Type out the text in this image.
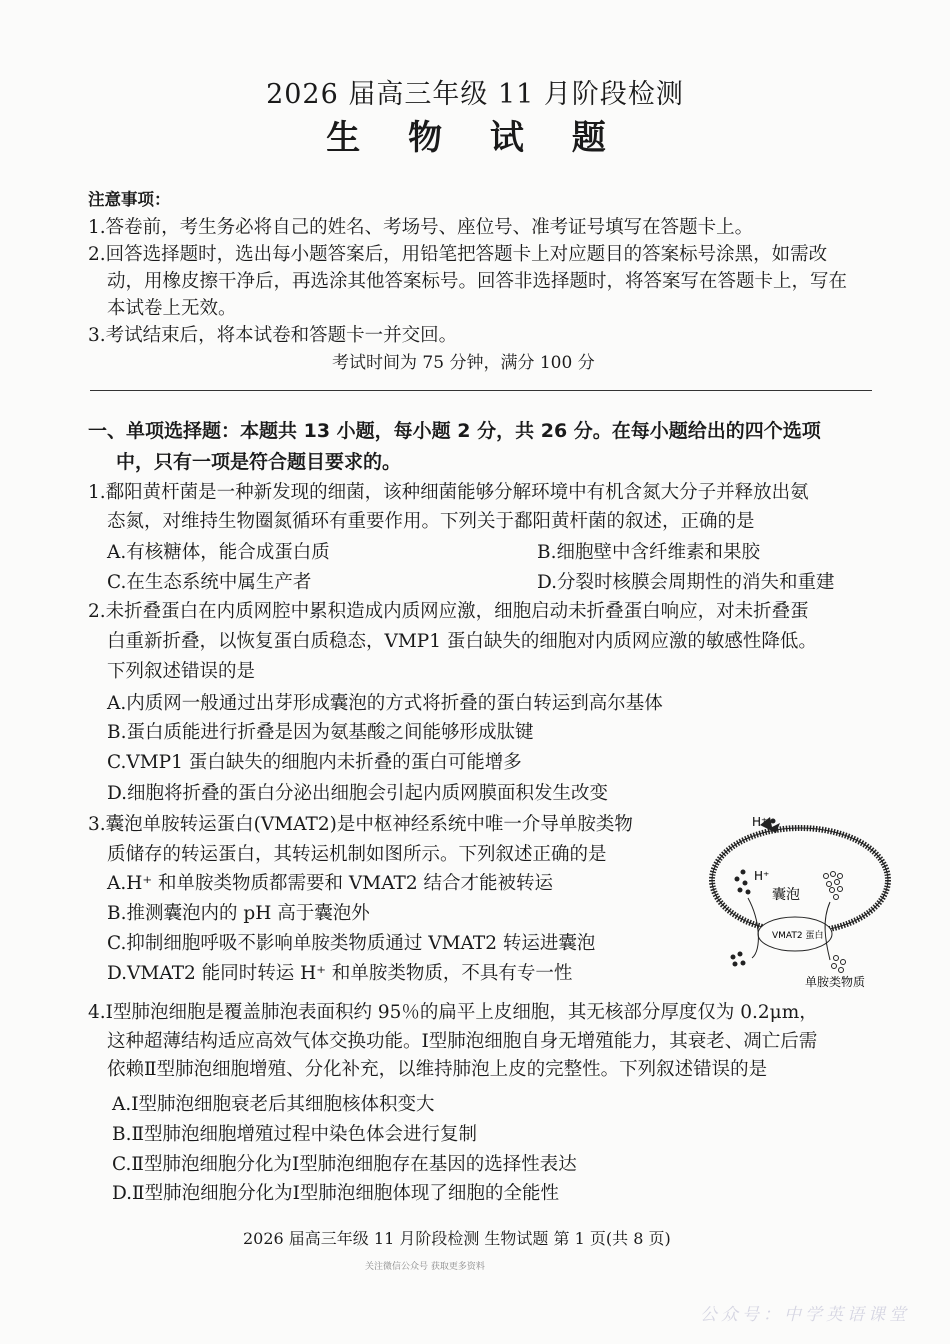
2026 届高三年级 11 月阶段检测
生 物 试 题
注意事项：
1.答卷前，考生务必将自己的姓名、考场号、座位号、准考证号填写在答题卡上。
2.回答选择题时，选出每小题答案后，用铅笔把答题卡上对应题目的答案标号涂黑，如需改
动，用橡皮擦干净后，再选涂其他答案标号。回答非选择题时，将答案写在答题卡上，写在
本试卷上无效。
3.考试结束后，将本试卷和答题卡一并交回。
考试时间为 75 分钟，满分 100 分
一、单项选择题：本题共 13 小题，每小题 2 分，共 26 分。在每小题给出的四个选项
中，只有一项是符合题目要求的。
1.鄱阳黄杆菌是一种新发现的细菌，该种细菌能够分解环境中有机含氮大分子并释放出氨
态氮，对维持生物圈氮循环有重要作用。下列关于鄱阳黄杆菌的叙述，正确的是
A.有核糖体，能合成蛋白质	B.细胞壁中含纤维素和果胶
C.在生态系统中属生产者	D.分裂时核膜会周期性的消失和重建
2.未折叠蛋白在内质网腔中累积造成内质网应激，细胞启动未折叠蛋白响应，对未折叠蛋
白重新折叠，以恢复蛋白质稳态，VMP1 蛋白缺失的细胞对内质网应激的敏感性降低。
下列叙述错误的是
A.内质网一般通过出芽形成囊泡的方式将折叠的蛋白转运到高尔基体
B.蛋白质能进行折叠是因为氨基酸之间能够形成肽键
C.VMP1 蛋白缺失的细胞内未折叠的蛋白可能增多
D.细胞将折叠的蛋白分泌出细胞会引起内质网膜面积发生改变
3.囊泡单胺转运蛋白(VMAT2)是中枢神经系统中唯一介导单胺类物
质储存的转运蛋白，其转运机制如图所示。下列叙述正确的是
A.H⁺ 和单胺类物质都需要和 VMAT2 结合才能被转运
B.推测囊泡内的 pH 高于囊泡外
C.抑制细胞呼吸不影响单胺类物质通过 VMAT2 转运进囊泡
D.VMAT2 能同时转运 H⁺ 和单胺类物质，不具有专一性
H⁺
H⁺
囊泡
VMAT2 蛋白
单胺类物质
4.Ⅰ型肺泡细胞是覆盖肺泡表面积约 95％的扁平上皮细胞，其无核部分厚度仅为 0.2μm，
这种超薄结构适应高效气体交换功能。Ⅰ型肺泡细胞自身无增殖能力，其衰老、凋亡后需
依赖Ⅱ型肺泡细胞增殖、分化补充，以维持肺泡上皮的完整性。下列叙述错误的是
A.Ⅰ型肺泡细胞衰老后其细胞核体积变大
B.Ⅱ型肺泡细胞增殖过程中染色体会进行复制
C.Ⅱ型肺泡细胞分化为Ⅰ型肺泡细胞存在基因的选择性表达
D.Ⅱ型肺泡细胞分化为Ⅰ型肺泡细胞体现了细胞的全能性
2026 届高三年级 11 月阶段检测 生物试题 第 1 页(共 8 页)
关注微信公众号 获取更多资料
公众号：中学英语课堂
